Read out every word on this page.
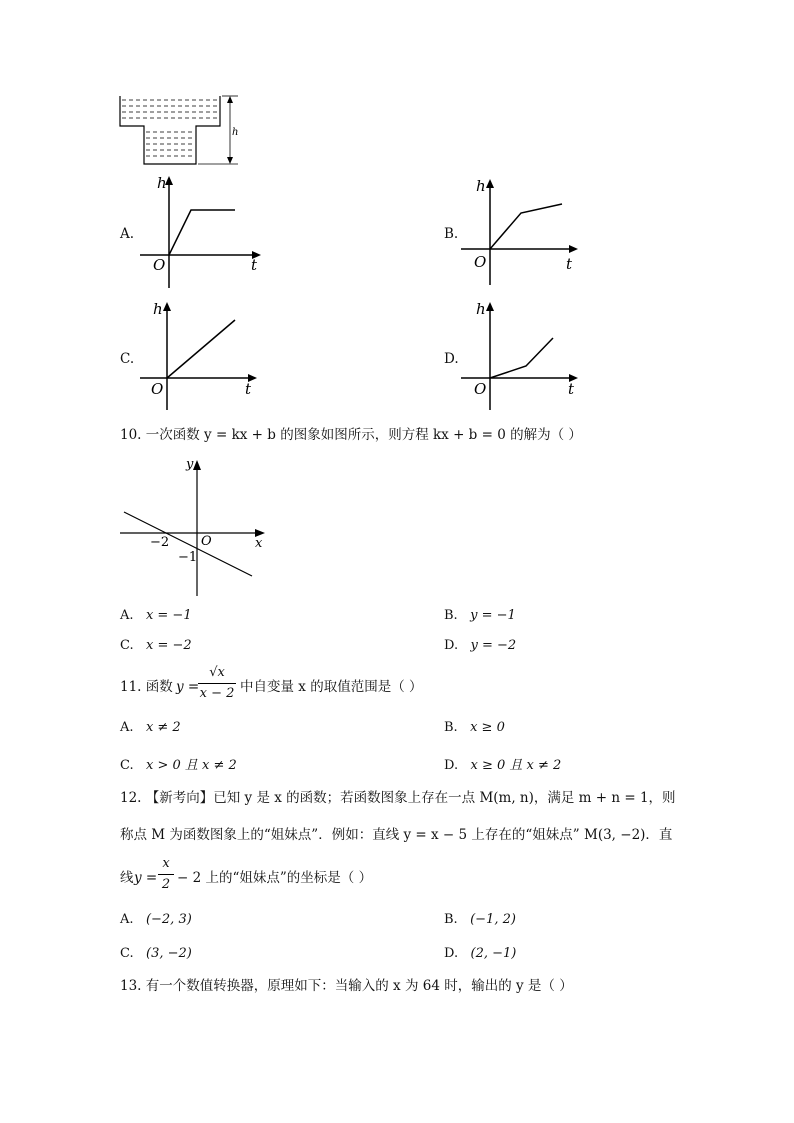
h
A.
h
t
O
B.
h
t
O
C.
h
t
O
D.
h
t
O
10. 一次函数 y = kx + b 的图象如图所示，则方程 kx + b = 0 的解为（ ）
y
x
O
−2
−1
A. x = −1	B. y = −1
C. x = −2	D. y = −2
11. 函数 y =
√x
x − 2 中自变量 x 的取值范围是（ ）
A. x ≠ 2	B. x ≥ 0
C. x > 0 且 x ≠ 2	D. x ≥ 0 且 x ≠ 2
12. 【新考向】已知 y 是 x 的函数；若函数图象上存在一点 M(m, n)，满足 m + n = 1，则
称点 M 为函数图象上的“姐妹点”．例如：直线 y = x − 5 上存在的“姐妹点” M(3, −2)．直
线 y =
x
2 − 2 上的“姐妹点”的坐标是（ ）
A. (−2, 3)	B. (−1, 2)
C. (3, −2)	D. (2, −1)
13. 有一个数值转换器，原理如下：当输入的 x 为 64 时，输出的 y 是（ ）
